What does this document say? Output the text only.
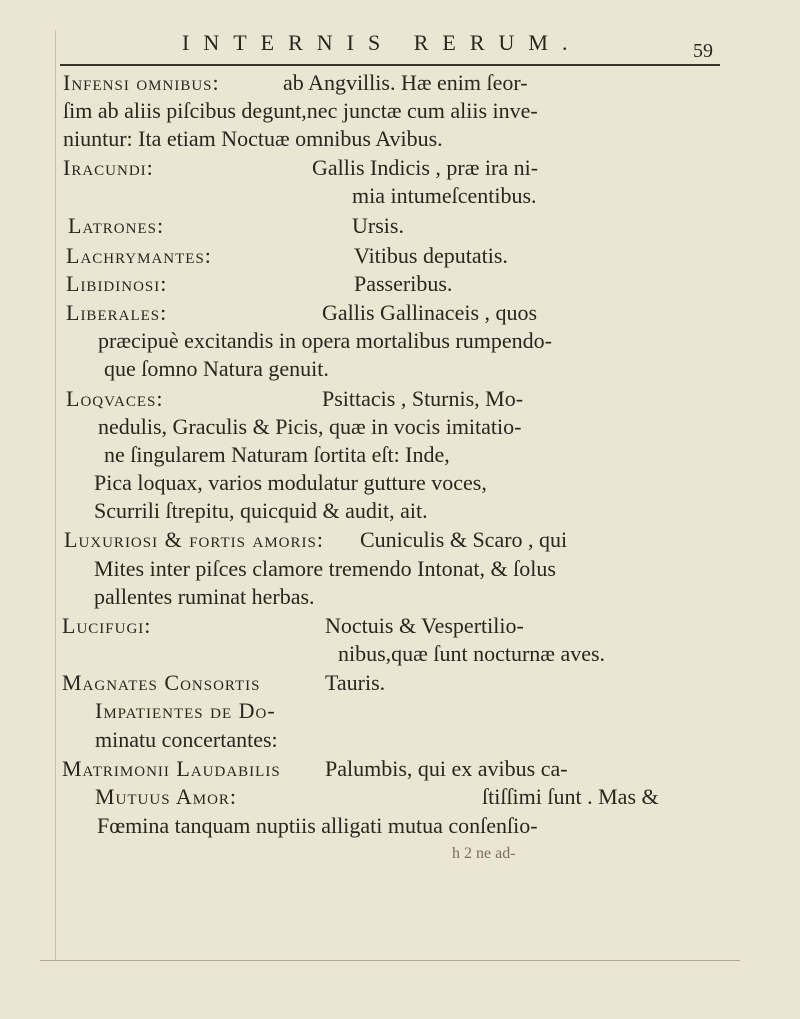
INTERNIS RERUM.	59
Infensi omnibus:	ab Angvillis. Hæ enim ſeor-
ſim ab aliis piſcibus degunt,nec junctæ cum aliis inve-
niuntur: Ita etiam Noctuæ omnibus Avibus.
Iracundi:	Gallis Indicis , præ ira ni-
mia intumeſcentibus.
Latrones:	Ursis.
Lachrymantes:	Vitibus deputatis.
Libidinosi:	Passeribus.
Liberales:	Gallis Gallinaceis , quos
præcipuè excitandis in opera mortalibus rumpendo-
que ſomno Natura genuit.
Loqvaces:	Psittacis , Sturnis, Mo-
nedulis, Graculis & Picis, quæ in vocis imitatio-
ne ſingularem Naturam ſortita eſt: Inde,
Pica loquax, varios modulatur gutture voces,
Scurrili ſtrepitu, quicquid & audit, ait.
Luxuriosi & fortis amoris: Cuniculis & Scaro , qui
Mites inter piſces clamore tremendo Intonat, & ſolus
pallentes ruminat herbas.
Lucifugi:	Noctuis & Vespertilio-
nibus,quæ ſunt nocturnæ aves.
Magnates Consortis	Tauris.
Impatientes de Do-
minatu concertantes:
Matrimonii Laudabilis Palumbis, qui ex avibus ca-
Mutuus Amor:	ſtiſſimi ſunt . Mas &
Fœmina tanquam nuptiis alligati mutua conſenſio-
h 2 ne ad-
